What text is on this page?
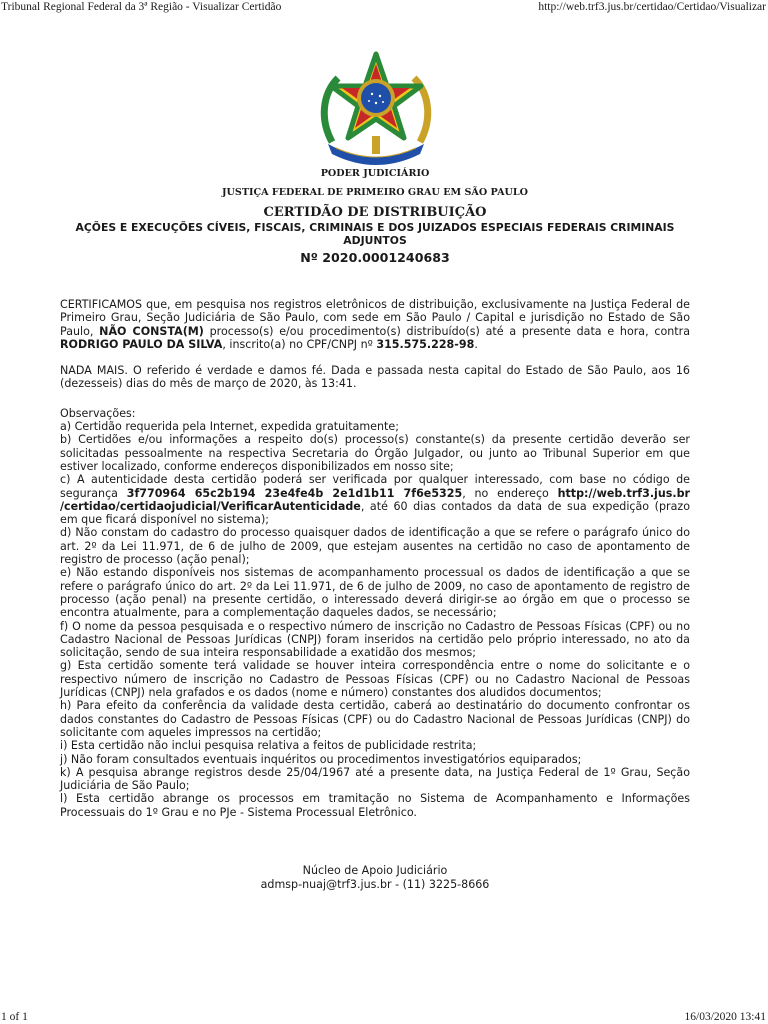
Tribunal Regional Federal da 3ª Região - Visualizar Certidão	http://web.trf3.jus.br/certidao/Certidao/Visualizar
PODER JUDICIÁRIO
JUSTIÇA FEDERAL DE PRIMEIRO GRAU EM SÃO PAULO
CERTIDÃO DE DISTRIBUIÇÃO
AÇÕES E EXECUÇÕES CÍVEIS, FISCAIS, CRIMINAIS E DOS JUIZADOS ESPECIAIS FEDERAIS CRIMINAIS ADJUNTOS
Nº 2020.0001240683

CERTIFICAMOS que, em pesquisa nos registros eletrônicos de distribuição, exclusivamente na Justiça Federal de Primeiro Grau, Seção Judiciária de São Paulo, com sede em São Paulo / Capital e jurisdição no Estado de São Paulo, NÃO CONSTA(M) processo(s) e/ou procedimento(s) distribuído(s) até a presente data e hora, contra RODRIGO PAULO DA SILVA, inscrito(a) no CPF/CNPJ nº 315.575.228-98.

NADA MAIS. O referido é verdade e damos fé. Dada e passada nesta capital do Estado de São Paulo, aos 16 (dezesseis) dias do mês de março de 2020, às 13:41.

Observações:

a) Certidão requerida pela Internet, expedida gratuitamente;

b) Certidões e/ou informações a respeito do(s) processo(s) constante(s) da presente certidão deverão ser solicitadas pessoalmente na respectiva Secretaria do Órgão Julgador, ou junto ao Tribunal Superior em que estiver localizado, conforme endereços disponibilizados em nosso site;

c) A autenticidade desta certidão poderá ser verificada por qualquer interessado, com base no código de segurança 3f770964 65c2b194 23e4fe4b 2e1d1b11 7f6e5325, no endereço http://web.trf3.jus.br /certidao/certidaojudicial/VerificarAutenticidade, até 60 dias contados da data de sua expedição (prazo em que ficará disponível no sistema);

d) Não constam do cadastro do processo quaisquer dados de identificação a que se refere o parágrafo único do art. 2º da Lei 11.971, de 6 de julho de 2009, que estejam ausentes na certidão no caso de apontamento de registro de processo (ação penal);

e) Não estando disponíveis nos sistemas de acompanhamento processual os dados de identificação a que se refere o parágrafo único do art. 2º da Lei 11.971, de 6 de julho de 2009, no caso de apontamento de registro de processo (ação penal) na presente certidão, o interessado deverá dirigir-se ao órgão em que o processo se encontra atualmente, para a complementação daqueles dados, se necessário;

f) O nome da pessoa pesquisada e o respectivo número de inscrição no Cadastro de Pessoas Físicas (CPF) ou no Cadastro Nacional de Pessoas Jurídicas (CNPJ) foram inseridos na certidão pelo próprio interessado, no ato da solicitação, sendo de sua inteira responsabilidade a exatidão dos mesmos;

g) Esta certidão somente terá validade se houver inteira correspondência entre o nome do solicitante e o respectivo número de inscrição no Cadastro de Pessoas Físicas (CPF) ou no Cadastro Nacional de Pessoas Jurídicas (CNPJ) nela grafados e os dados (nome e número) constantes dos aludidos documentos;

h) Para efeito da conferência da validade desta certidão, caberá ao destinatário do documento confrontar os dados constantes do Cadastro de Pessoas Físicas (CPF) ou do Cadastro Nacional de Pessoas Jurídicas (CNPJ) do solicitante com aqueles impressos na certidão;

i) Esta certidão não inclui pesquisa relativa a feitos de publicidade restrita;

j) Não foram consultados eventuais inquéritos ou procedimentos investigatórios equiparados;

k) A pesquisa abrange registros desde 25/04/1967 até a presente data, na Justiça Federal de 1º Grau, Seção Judiciária de São Paulo;

l) Esta certidão abrange os processos em tramitação no Sistema de Acompanhamento e Informações Processuais do 1º Grau e no PJe - Sistema Processual Eletrônico.

Núcleo de Apoio Judiciário
admsp-nuaj@trf3.jus.br - (11) 3225-8666
1 of 1	16/03/2020 13:41
